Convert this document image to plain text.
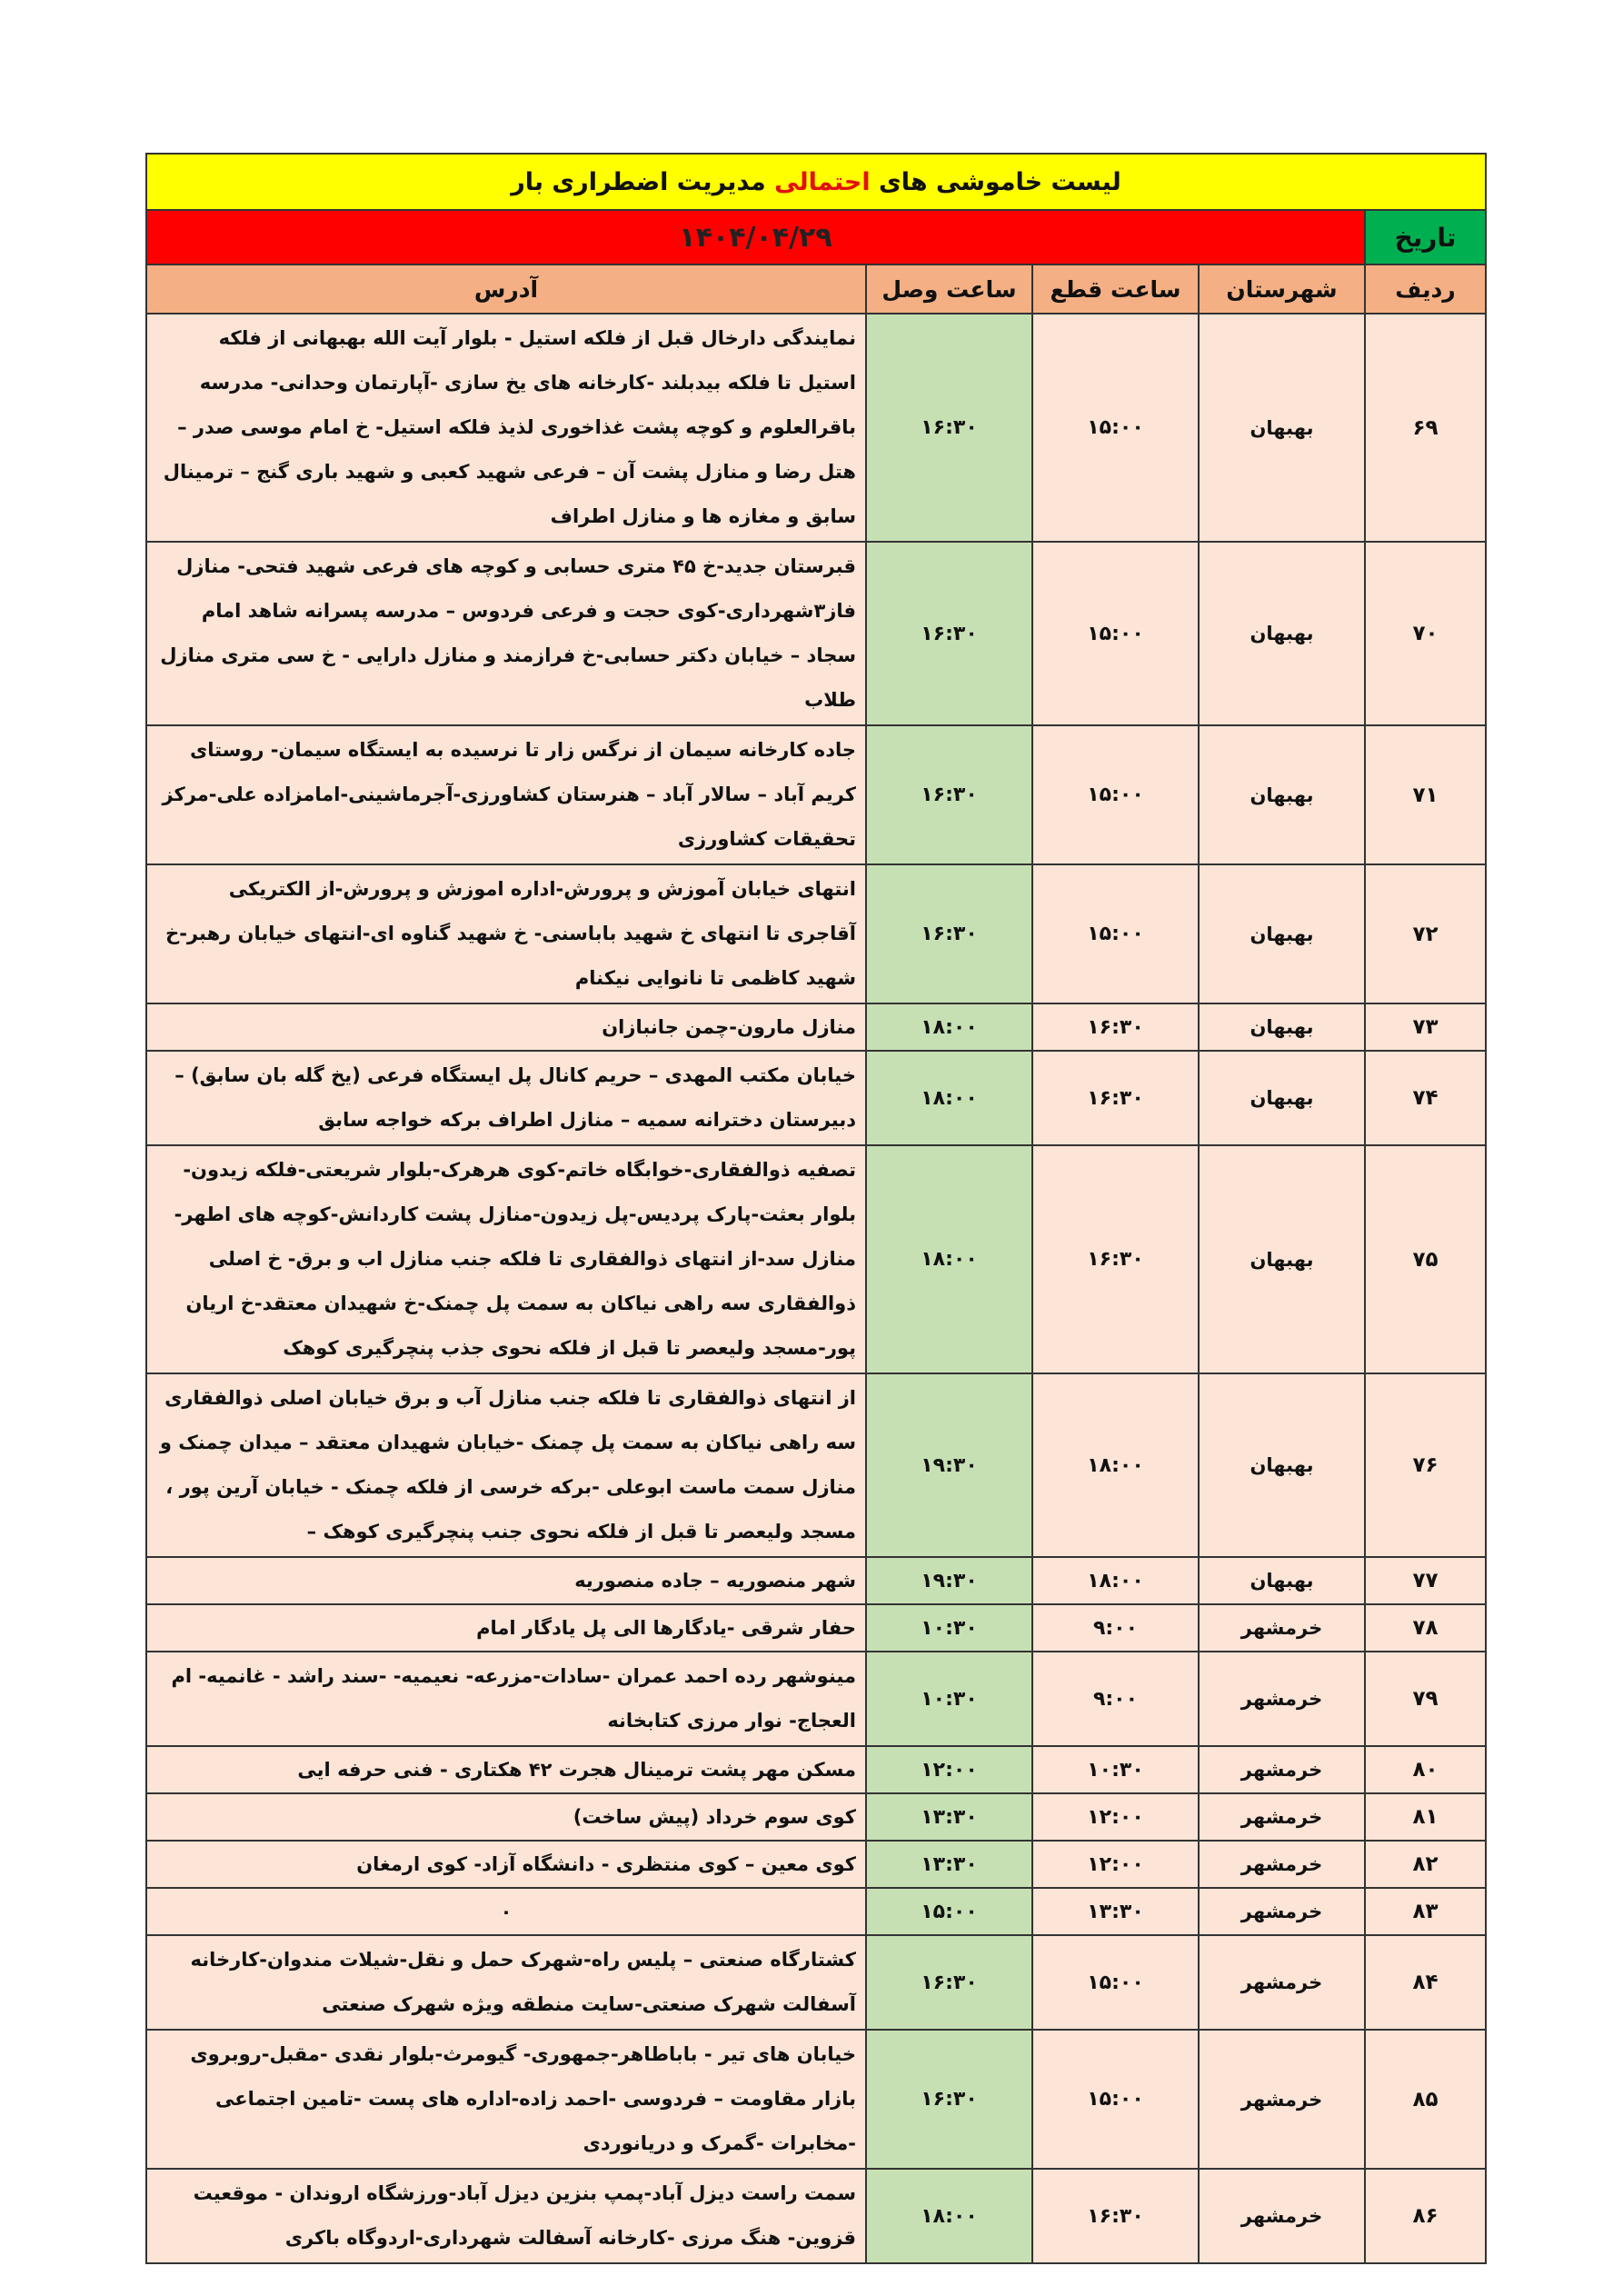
لیست خاموشی های احتمالی مدیریت اضطراری بار				
تاریخ	۱۴۰۴/۰۴/۲۹			
ردیف	شهرستان	ساعت قطع	ساعت وصل	آدرس
۶۹	بهبهان	۱۵:۰۰	۱۶:۳۰	نمایندگی دارخال قبل از فلکه استیل - بلوار آیت الله بهبهانی از فلکه استیل تا فلکه بیدبلند -کارخانه های یخ سازی -آپارتمان وحدانی- مدرسه باقرالعلوم و کوچه پشت غذاخوری لذیذ فلکه استیل- خ امام موسی صدر – هتل رضا و منازل پشت آن – فرعی شهید کعبی و شهید باری گنج – ترمینال سابق و مغازه ها و منازل اطراف
۷۰	بهبهان	۱۵:۰۰	۱۶:۳۰	قبرستان جدید-خ ۴۵ متری حسابی و کوچه های فرعی شهید فتحی- منازل فاز۳شهرداری-کوی حجت و فرعی فردوس – مدرسه پسرانه شاهد امام سجاد – خیابان دکتر حسابی-خ فرازمند و منازل دارایی - خ سی متری منازل طلاب
۷۱	بهبهان	۱۵:۰۰	۱۶:۳۰	جاده کارخانه سیمان از نرگس زار تا نرسیده به ایستگاه سیمان- روستای کریم آباد – سالار آباد – هنرستان کشاورزی-آجرماشینی-امامزاده علی-مرکز تحقیقات کشاورزی
۷۲	بهبهان	۱۵:۰۰	۱۶:۳۰	انتهای خیابان آموزش و پرورش-اداره اموزش و پرورش-از الکتریکی آقاجری تا انتهای خ شهید باباسنی- خ شهید گناوه ای-انتهای خیابان رهبر-خ شهید کاظمی تا نانوایی نیکنام
۷۳	بهبهان	۱۶:۳۰	۱۸:۰۰	منازل مارون-چمن جانبازان
۷۴	بهبهان	۱۶:۳۰	۱۸:۰۰	خیابان مکتب المهدی – حریم کانال پل ایستگاه فرعی (یخ گله بان سابق) – دبیرستان دخترانه سمیه – منازل اطراف برکه خواجه سابق
۷۵	بهبهان	۱۶:۳۰	۱۸:۰۰	تصفیه ذوالفقاری-خوابگاه خاتم-کوی هرهرک-بلوار شریعتی-فلکه زیدون-بلوار بعثت-پارک پردیس-پل زیدون-منازل پشت کاردانش-کوچه های اطهر-منازل سد-از انتهای ذوالفقاری تا فلکه جنب منازل اب و برق- خ اصلی ذوالفقاری سه راهی نیاکان به سمت پل چمنک-خ شهیدان معتقد-خ اریان پور-مسجد ولیعصر تا قبل از فلکه نحوی جذب پنچرگیری کوهک
۷۶	بهبهان	۱۸:۰۰	۱۹:۳۰	از انتهای ذوالفقاری تا فلکه جنب منازل آب و برق خیابان اصلی ذوالفقاری سه راهی نیاکان به سمت پل چمنک -خیابان شهیدان معتقد – میدان چمنک و منازل سمت ماست ابوعلی -برکه خرسی از فلکه چمنک - خیابان آرین پور ، مسجد ولیعصر تا قبل از فلکه نحوی جنب پنچرگیری کوهک –
۷۷	بهبهان	۱۸:۰۰	۱۹:۳۰	شهر منصوریه – جاده منصوریه
۷۸	خرمشهر	۹:۰۰	۱۰:۳۰	حفار شرقی -یادگارها الی پل یادگار امام
۷۹	خرمشهر	۹:۰۰	۱۰:۳۰	مینوشهر رده احمد عمران -سادات-مزرعه- نعیمیه- -سند راشد - غانمیه- ام العجاج- نوار مرزی کتابخانه
۸۰	خرمشهر	۱۰:۳۰	۱۲:۰۰	مسکن مهر پشت ترمینال هجرت ۴۲ هکتاری - فنی حرفه ایی
۸۱	خرمشهر	۱۲:۰۰	۱۳:۳۰	کوی سوم خرداد (پیش ساخت)
۸۲	خرمشهر	۱۲:۰۰	۱۳:۳۰	کوی معین – کوی منتظری - دانشگاه آزاد- کوی ارمغان
۸۳	خرمشهر	۱۳:۳۰	۱۵:۰۰	۰
۸۴	خرمشهر	۱۵:۰۰	۱۶:۳۰	کشتارگاه صنعتی – پلیس راه-شهرک حمل و نقل-شیلات مندوان-کارخانه آسفالت شهرک صنعتی-سایت منطقه ویژه شهرک صنعتی
۸۵	خرمشهر	۱۵:۰۰	۱۶:۳۰	خیابان های تیر - باباطاهر-جمهوری- گیومرث-بلوار نقدی -مقبل-روبروی بازار مقاومت – فردوسی -احمد زاده-اداره های پست -تامین اجتماعی -مخابرات -گمرک و دریانوردی
۸۶	خرمشهر	۱۶:۳۰	۱۸:۰۰	سمت راست دیزل آباد-پمپ بنزین دیزل آباد-ورزشگاه اروندان - موقعیت قزوین- هنگ مرزی -کارخانه آسفالت شهرداری-اردوگاه باکری
